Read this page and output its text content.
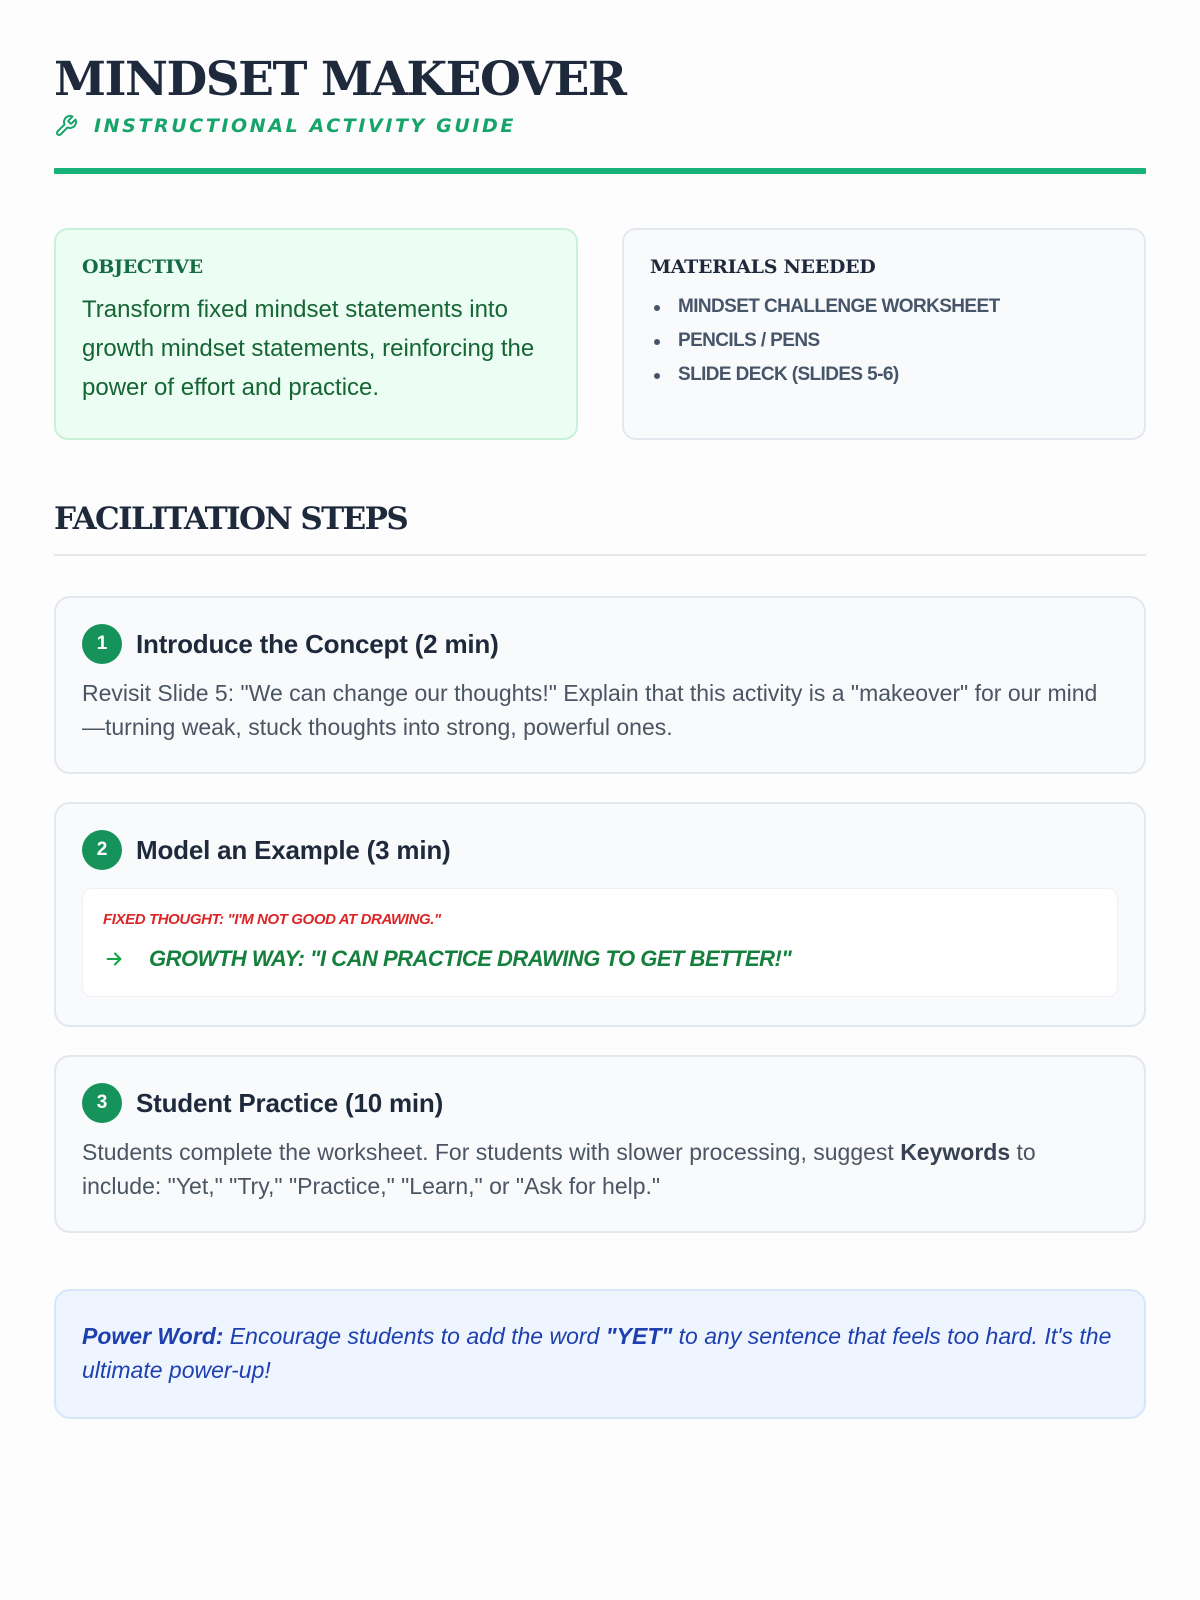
MINDSET MAKEOVER
INSTRUCTIONAL ACTIVITY GUIDE
OBJECTIVE

Transform fixed mindset statements into growth mindset statements, reinforcing the power of effort and practice.

MATERIALS NEEDED
MINDSET CHALLENGE WORKSHEET
PENCILS / PENS
SLIDE DECK (SLIDES 5-6)
FACILITATION STEPS
1	Introduce the Concept (2 min)
Revisit Slide 5: "We can change our thoughts!" Explain that this activity is a "makeover" for our mind—turning weak, stuck thoughts into strong, powerful ones.
2	Model an Example (3 min)
FIXED THOUGHT: "I'M NOT GOOD AT DRAWING."
GROWTH WAY: "I CAN PRACTICE DRAWING TO GET BETTER!"
3	Student Practice (10 min)
Students complete the worksheet. For students with slower processing, suggest Keywords to include: "Yet," "Try," "Practice," "Learn," or "Ask for help."
Power Word: Encourage students to add the word "YET" to any sentence that feels too hard. It's the ultimate power-up!
